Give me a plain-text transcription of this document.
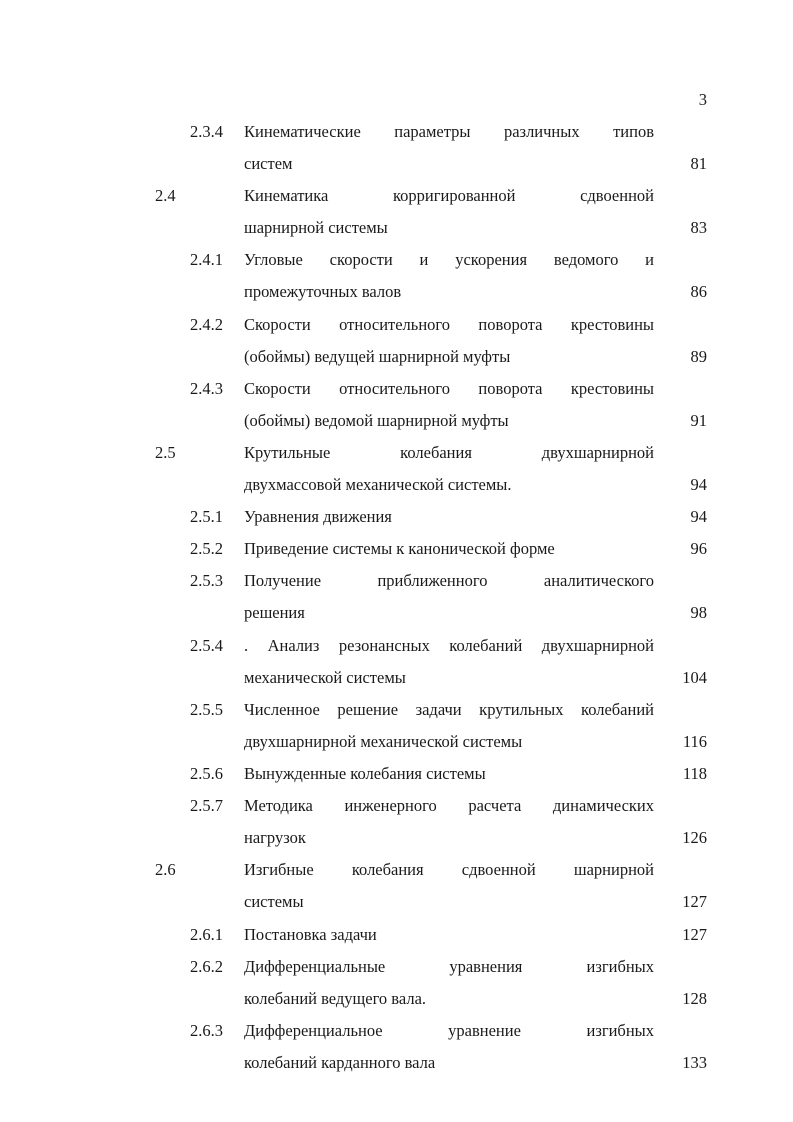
3
2.3.4 Кинематические параметры различных типов
систем	81
2.4	Кинематика корригированной сдвоенной
шарнирной системы	83
2.4.1 Угловые скорости и ускорения ведомого и
промежуточных валов	86
2.4.2 Скорости относительного поворота крестовины
(обоймы) ведущей шарнирной муфты	89
2.4.3 Скорости относительного поворота крестовины
(обоймы) ведомой шарнирной муфты	91
2.5	Крутильные колебания двухшарнирной
двухмассовой механической системы.	94
2.5.1 Уравнения движения	94
2.5.2 Приведение системы к канонической форме	96
2.5.3 Получение приближенного аналитического
решения	98
2.5.4 . Анализ резонансных колебаний двухшарнирной
механической системы	104
2.5.5 Численное решение задачи крутильных колебаний
двухшарнирной механической системы	116
2.5.6 Вынужденные колебания системы	118
2.5.7 Методика инженерного расчета динамических
нагрузок	126
2.6	Изгибные колебания сдвоенной шарнирной
системы	127
2.6.1 Постановка задачи	127
2.6.2 Дифференциальные уравнения изгибных
колебаний ведущего вала.	128
2.6.3 Дифференциальное уравнение изгибных
колебаний карданного вала	133
